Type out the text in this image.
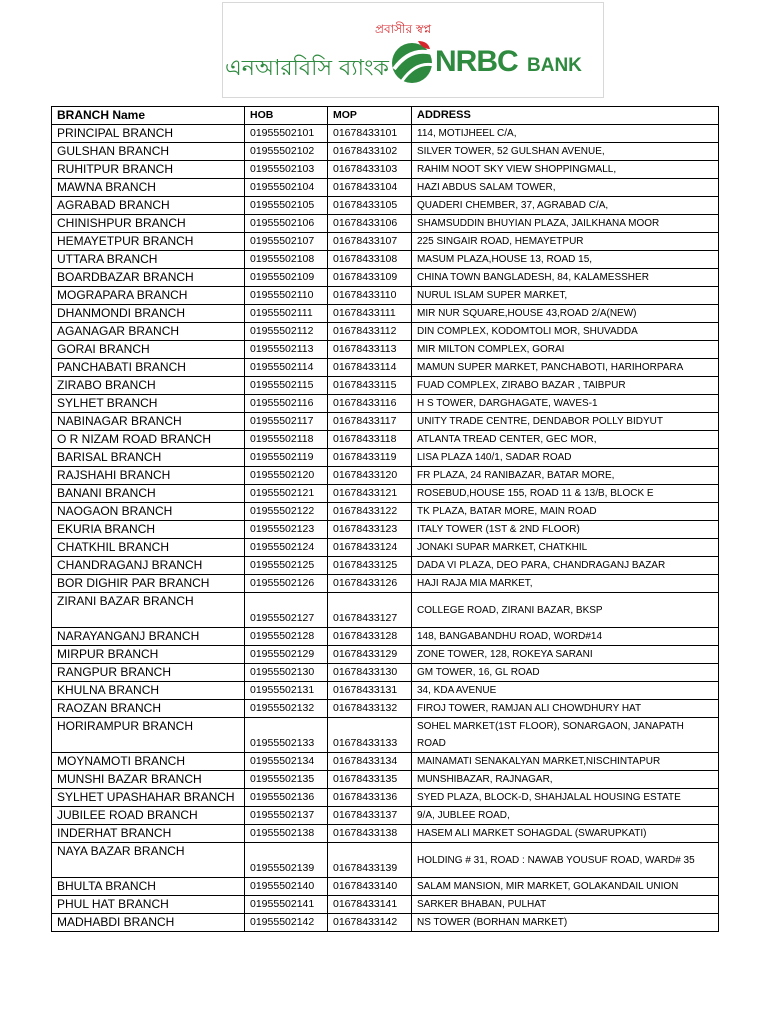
প্রবাসীর স্বপ্ন
এনআরবিসি ব্যাংক NRBC BANK
BRANCH Name	HOB	MOP	ADDRESS
PRINCIPAL BRANCH	01955502101	01678433101	114, MOTIJHEEL C/A,
GULSHAN BRANCH	01955502102	01678433102	SILVER TOWER, 52 GULSHAN AVENUE,
RUHITPUR BRANCH	01955502103	01678433103	RAHIM NOOT SKY VIEW SHOPPINGMALL,
MAWNA BRANCH	01955502104	01678433104	HAZI ABDUS SALAM TOWER,
AGRABAD BRANCH	01955502105	01678433105	QUADERI CHEMBER, 37, AGRABAD C/A,
CHINISHPUR BRANCH	01955502106	01678433106	SHAMSUDDIN BHUYIAN PLAZA, JAILKHANA MOOR
HEMAYETPUR BRANCH	01955502107	01678433107	225 SINGAIR ROAD, HEMAYETPUR
UTTARA BRANCH	01955502108	01678433108	MASUM PLAZA,HOUSE 13, ROAD 15,
BOARDBAZAR BRANCH	01955502109	01678433109	CHINA TOWN BANGLADESH, 84, KALAMESSHER
MOGRAPARA BRANCH	01955502110	01678433110	NURUL ISLAM SUPER MARKET,
DHANMONDI BRANCH	01955502111	01678433111	MIR NUR SQUARE,HOUSE 43,ROAD 2/A(NEW)
AGANAGAR BRANCH	01955502112	01678433112	DIN COMPLEX, KODOMTOLI MOR, SHUVADDA
GORAI BRANCH	01955502113	01678433113	MIR MILTON COMPLEX, GORAI
PANCHABATI BRANCH	01955502114	01678433114	MAMUN SUPER MARKET, PANCHABOTI, HARIHORPARA
ZIRABO BRANCH	01955502115	01678433115	FUAD COMPLEX, ZIRABO BAZAR , TAIBPUR
SYLHET BRANCH	01955502116	01678433116	H S TOWER, DARGHAGATE, WAVES-1
NABINAGAR BRANCH	01955502117	01678433117	UNITY TRADE CENTRE, DENDABOR POLLY BIDYUT
O R NIZAM ROAD BRANCH	01955502118	01678433118	ATLANTA TREAD CENTER, GEC MOR,
BARISAL BRANCH	01955502119	01678433119	LISA PLAZA 140/1, SADAR ROAD
RAJSHAHI BRANCH	01955502120	01678433120	FR PLAZA, 24 RANIBAZAR, BATAR MORE,
BANANI BRANCH	01955502121	01678433121	ROSEBUD,HOUSE 155, ROAD 11 & 13/B, BLOCK E
NAOGAON BRANCH	01955502122	01678433122	TK PLAZA, BATAR MORE, MAIN ROAD
EKURIA BRANCH	01955502123	01678433123	ITALY TOWER (1ST & 2ND FLOOR)
CHATKHIL BRANCH	01955502124	01678433124	JONAKI SUPAR MARKET, CHATKHIL
CHANDRAGANJ BRANCH	01955502125	01678433125	DADA VI PLAZA, DEO PARA, CHANDRAGANJ BAZAR
BOR DIGHIR PAR BRANCH	01955502126	01678433126	HAJI RAJA MIA MARKET,
ZIRANI BAZAR BRANCH	01955502127	01678433127	COLLEGE ROAD, ZIRANI BAZAR, BKSP
NARAYANGANJ BRANCH	01955502128	01678433128	148, BANGABANDHU ROAD, WORD#14
MIRPUR BRANCH	01955502129	01678433129	ZONE TOWER, 128, ROKEYA SARANI
RANGPUR BRANCH	01955502130	01678433130	GM TOWER, 16, GL ROAD
KHULNA BRANCH	01955502131	01678433131	34, KDA AVENUE
RAOZAN BRANCH	01955502132	01678433132	FIROJ TOWER, RAMJAN ALI CHOWDHURY HAT
HORIRAMPUR BRANCH	01955502133	01678433133	SOHEL MARKET(1ST FLOOR), SONARGAON, JANAPATH ROAD
MOYNAMOTI BRANCH	01955502134	01678433134	MAINAMATI SENAKALYAN MARKET,NISCHINTAPUR
MUNSHI BAZAR BRANCH	01955502135	01678433135	MUNSHIBAZAR, RAJNAGAR,
SYLHET UPASHAHAR BRANCH	01955502136	01678433136	SYED PLAZA, BLOCK-D, SHAHJALAL HOUSING ESTATE
JUBILEE ROAD BRANCH	01955502137	01678433137	9/A, JUBLEE ROAD,
INDERHAT BRANCH	01955502138	01678433138	HASEM ALI MARKET SOHAGDAL (SWARUPKATI)
NAYA BAZAR BRANCH	01955502139	01678433139	HOLDING # 31, ROAD : NAWAB YOUSUF ROAD, WARD# 35
BHULTA BRANCH	01955502140	01678433140	SALAM MANSION, MIR MARKET, GOLAKANDAIL UNION
PHUL HAT BRANCH	01955502141	01678433141	SARKER BHABAN, PULHAT
MADHABDI BRANCH	01955502142	01678433142	NS TOWER (BORHAN MARKET)
